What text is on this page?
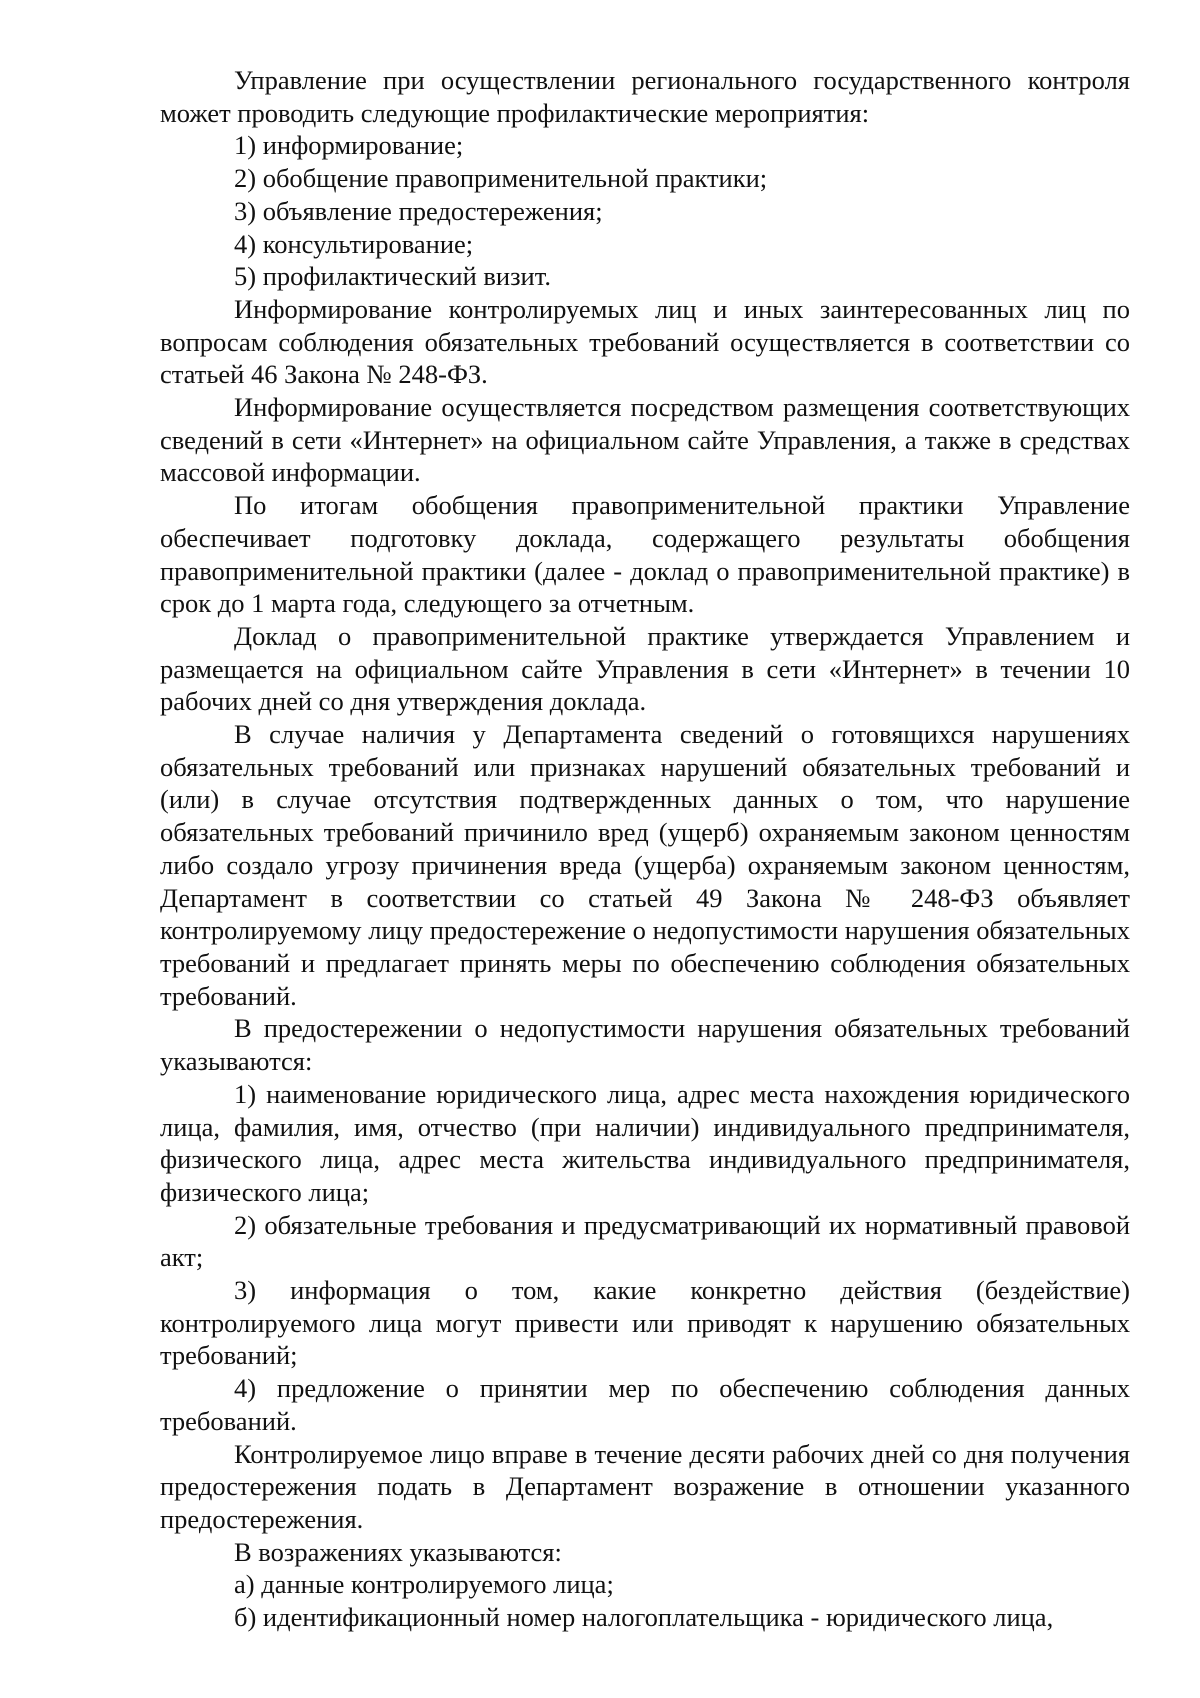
Управление при осуществлении регионального государственного контроля может проводить следующие профилактические мероприятия:

1) информирование;

2) обобщение правоприменительной практики;

3) объявление предостережения;

4) консультирование;

5) профилактический визит.

Информирование контролируемых лиц и иных заинтересованных лиц по вопросам соблюдения обязательных требований осуществляется в соответствии со статьей 46 Закона № 248-ФЗ.

Информирование осуществляется посредством размещения соответствующих сведений в сети «Интернет» на официальном сайте Управления, а также в средствах массовой информации.

По итогам обобщения правоприменительной практики Управление обеспечивает подготовку доклада, содержащего результаты обобщения правоприменительной практики (далее - доклад о правоприменительной практике) в срок до 1 марта года, следующего за отчетным.

Доклад о правоприменительной практике утверждается Управлением и размещается на официальном сайте Управления в сети «Интернет» в течении 10 рабочих дней со дня утверждения доклада.

В случае наличия у Департамента сведений о готовящихся нарушениях обязательных требований или признаках нарушений обязательных требований и (или) в случае отсутствия подтвержденных данных о том, что нарушение обязательных требований причинило вред (ущерб) охраняемым законом ценностям либо создало угрозу причинения вреда (ущерба) охраняемым законом ценностям, Департамент в соответствии со статьей 49 Закона № 248-ФЗ объявляет контролируемому лицу предостережение о недопустимости нарушения обязательных требований и предлагает принять меры по обеспечению соблюдения обязательных требований.

В предостережении о недопустимости нарушения обязательных требований указываются:

1) наименование юридического лица, адрес места нахождения юридического лица, фамилия, имя, отчество (при наличии) индивидуального предпринимателя, физического лица, адрес места жительства индивидуального предпринимателя, физического лица;

2) обязательные требования и предусматривающий их нормативный правовой акт;

3) информация о том, какие конкретно действия (бездействие) контролируемого лица могут привести или приводят к нарушению обязательных требований;

4) предложение о принятии мер по обеспечению соблюдения данных требований.

Контролируемое лицо вправе в течение десяти рабочих дней со дня получения предостережения подать в Департамент возражение в отношении указанного предостережения.

В возражениях указываются:

а) данные контролируемого лица;

б) идентификационный номер налогоплательщика - юридического лица,
